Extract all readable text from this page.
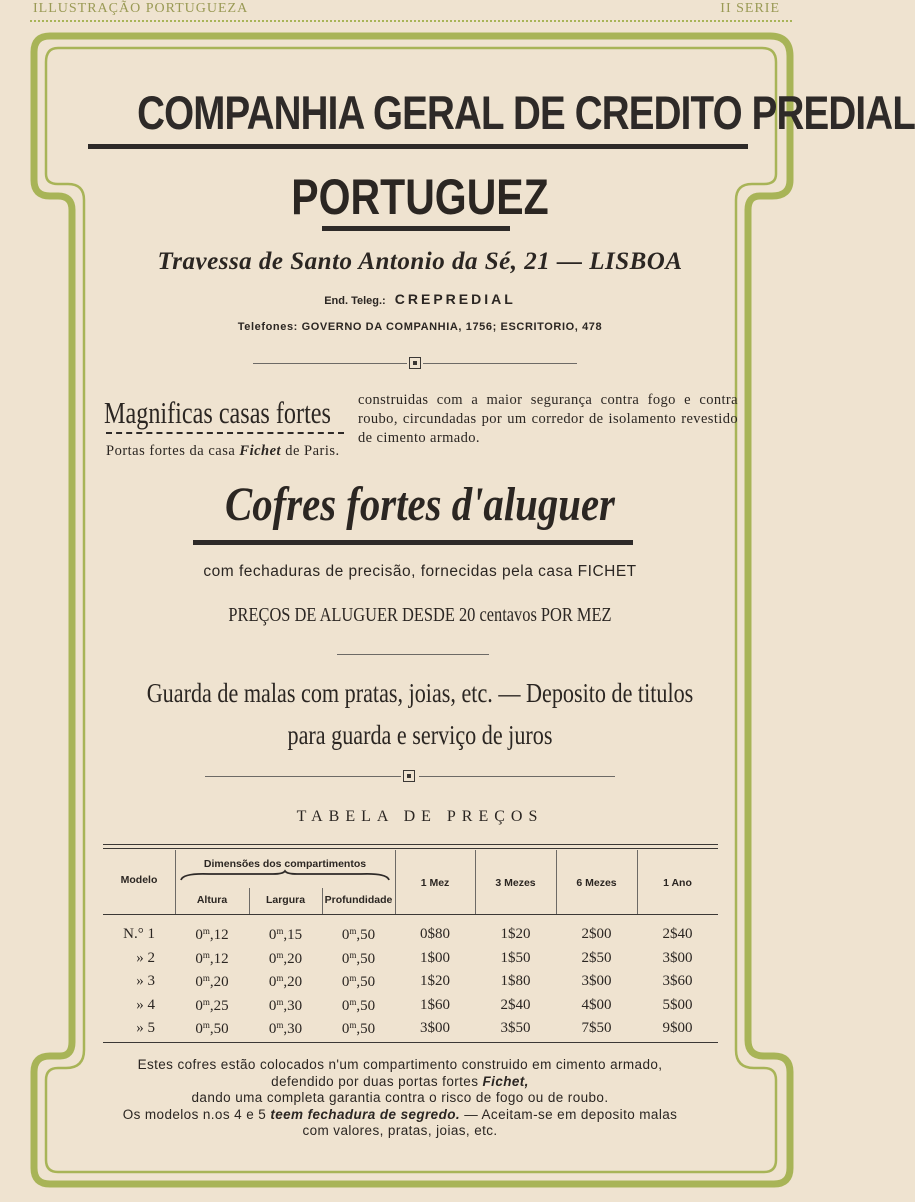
ILLUSTRAÇÃO PORTUGUEZA	II SERIE
COMPANHIA GERAL DE CREDITO PREDIAL
PORTUGUEZ
Travessa de Santo Antonio da Sé, 21 — LISBOA
End. Teleg.: CREPREDIAL
Telefones: GOVERNO DA COMPANHIA, 1756; ESCRITORIO, 478
Magnificas casas fortes construidas com a maior segurança contra fogo e contra roubo, circundadas por um corredor de isolamento revestido de cimento armado.
Portas fortes da casa Fichet de Paris.
Cofres fortes d'aluguer
com fechaduras de precisão, fornecidas pela casa FICHET
PREÇOS DE ALUGUER DESDE 20 centavos POR MEZ
Guarda de malas com pratas, joias, etc. — Deposito de titulos
para guarda e serviço de juros
TABELA DE PREÇOS
Modelo
Dimensões dos compartimentos
Altura	Largura	Profundidade
1 Mez	3 Mezes	6 Mezes	1 Ano
N.° 1	0$^m$,12	0$^m$,15	0$^m$,50	0$80	1$20	2$00	2$40
» 2	0$^m$,12	0$^m$,20	0$^m$,50	1$00	1$50	2$50	3$00
» 3	0$^m$,20	0$^m$,20	0$^m$,50	1$20	1$80	3$00	3$60
» 4	0$^m$,25	0$^m$,30	0$^m$,50	1$60	2$40	4$00	5$00
» 5	0$^m$,50	0$^m$,30	0$^m$,50	3$00	3$50	7$50	9$00
Estes cofres estão colocados n'um compartimento construido em cimento armado,
defendido por duas portas fortes Fichet,
dando uma completa garantia contra o risco de fogo ou de roubo.
Os modelos n.os 4 e 5 teem fechadura de segredo. — Aceitam-se em deposito malas
com valores, pratas, joias, etc.
